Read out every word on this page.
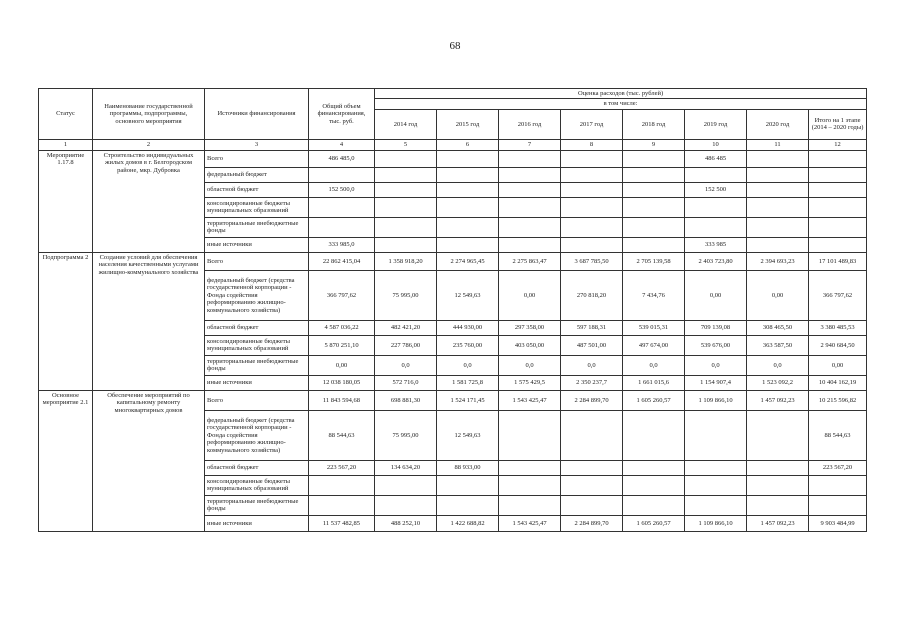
68
Статус	Наименование государственной программы, подпрограммы, основного мероприятия	Источники финансирования	Общий объем финансирования, тыс. руб.	Оценка расходов (тыс. рублей)							
				в том числе:							
				2014 год	2015 год	2016 год	2017 год	2018 год	2019 год	2020 год	Итого на 1 этапе (2014 – 2020 годы)
1	2	3	4	5	6	7	8	9	10	11	12
Мероприятие 1.17.8	Строительство индивидуальных жилых домов в г. Белгородском районе, мкр. Дубровка	Всего	486 485,0						486 485		
		федеральный бюджет									
		областной бюджет	152 500,0						152 500		
		консолидированные бюджеты муниципальных образований									
		территориальные внебюджетные фонды									
		иные источники	333 985,0						333 985		
Подпрограмма 2	Создание условий для обеспечения населения качественными услугами жилищно-коммунального хозяйства	Всего	22 862 415,04	1 358 918,20	2 274 965,45	2 275 863,47	3 687 785,50	2 705 139,58	2 403 723,80	2 394 693,23	17 101 489,83
		федеральный бюджет (средства государственной корпорации - Фонда содействия реформированию жилищно-коммунального хозяйства)	366 797,62	75 995,00	12 549,63	0,00	270 818,20	7 434,76	0,00	0,00	366 797,62
		областной бюджет	4 587 036,22	482 421,20	444 930,00	297 358,00	597 188,31	539 015,31	709 139,08	308 465,50	3 380 485,53
		консолидированные бюджеты муниципальных образований	5 870 251,10	227 786,00	235 760,00	403 050,00	487 501,00	497 674,00	539 676,00	363 587,50	2 940 684,50
		территориальные внебюджетные фонды	0,00	0,0	0,0	0,0	0,0	0,0	0,0	0,0	0,00
		иные источники	12 038 180,05	572 716,0	1 581 725,8	1 575 429,5	2 350 237,7	1 661 015,6	1 154 907,4	1 523 092,2	10 404 162,19
Основное мероприятие 2.1	Обеспечение мероприятий по капитальному ремонту многоквартирных домов	Всего	11 843 594,68	698 881,30	1 524 171,45	1 543 425,47	2 284 899,70	1 605 260,57	1 109 866,10	1 457 092,23	10 215 596,82
		федеральный бюджет (средства государственной корпорации - Фонда содействия реформированию жилищно-коммунального хозяйства)	88 544,63	75 995,00	12 549,63						88 544,63
		областной бюджет	223 567,20	134 634,20	88 933,00						223 567,20
		консолидированные бюджеты муниципальных образований									
		территориальные внебюджетные фонды									
		иные источники	11 537 482,85	488 252,10	1 422 688,82	1 543 425,47	2 284 899,70	1 605 260,57	1 109 866,10	1 457 092,23	9 903 484,99
